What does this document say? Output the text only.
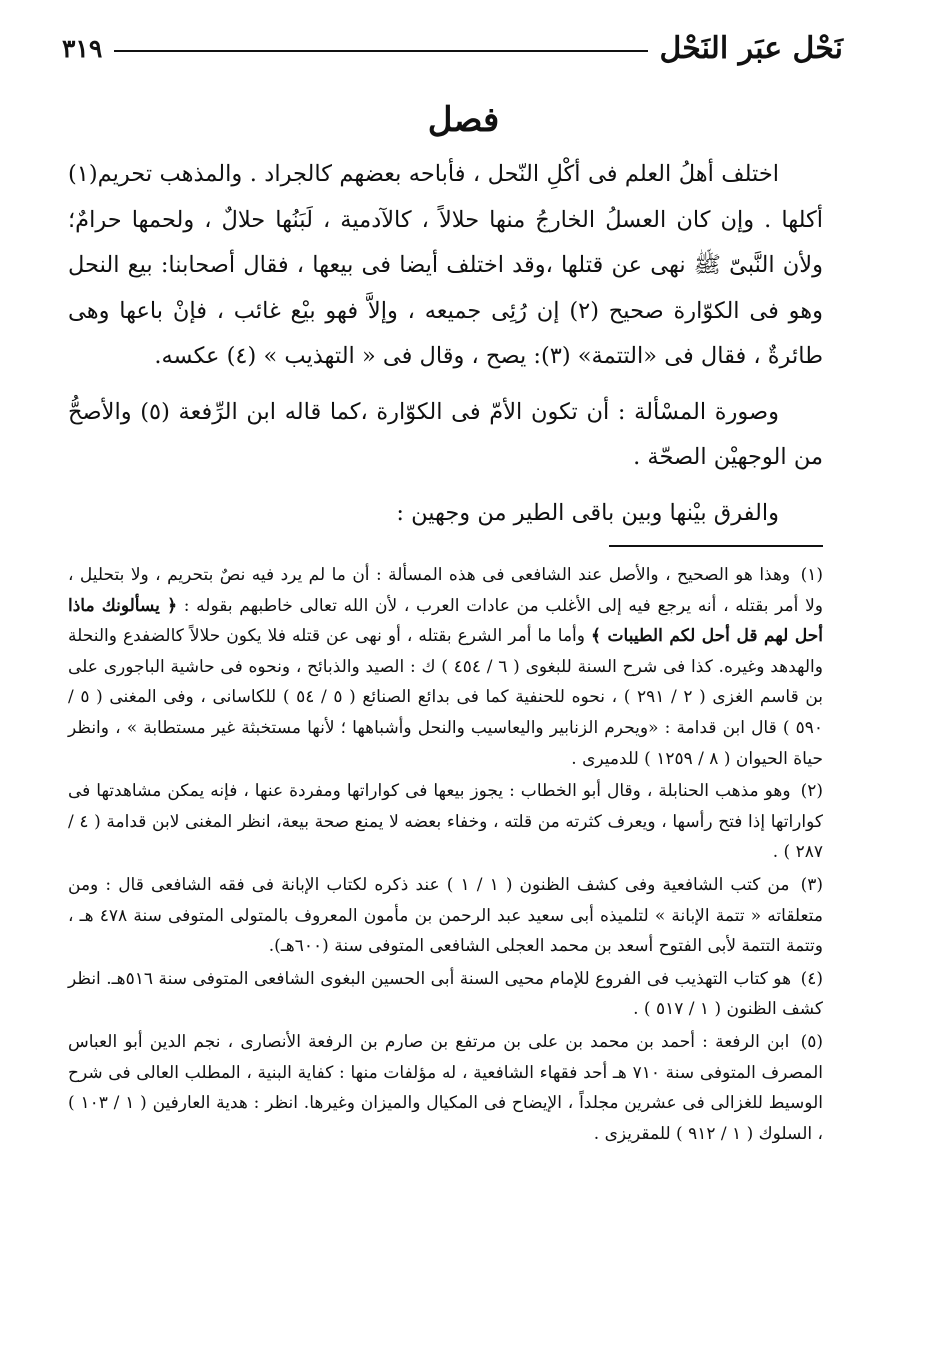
نَحْل عبَر النَحْل
٣١٩
فصل

اختلف أهلُ العلم فى أكْلِ النّحل ، فأباحه بعضهم كالجراد . والمذهب تحريم(١) أكلها . وإن كان العسلُ الخارجُ منها حلالاً ، كالآدمية ، لَبَنُها حلالٌ ، ولحمها حرامٌ؛ ولأن النَّبىّ ﷺ نهى عن قتلها ،وقد اختلف أيضا فى بيعها ، فقال أصحابنا: بيع النحل وهو فى الكوّارة صحيح (٢) إن رُئِى جميعه ، وإلاَّ فهو بيْع غائب ، فإنْ باعها وهى طائرةٌ ، فقال فى «التتمة» (٣): يصح ، وقال فى « التهذيب » (٤) عكسه.

وصورة المسْألة : أن تكون الأمّ فى الكوّارة ،كما قاله ابن الرِّفعة (٥) والأصحُّ من الوجهيْن الصحّة .

والفرق بيْنها وبين باقى الطير من وجهين :

(١) وهذا هو الصحيح ، والأصل عند الشافعى فى هذه المسألة : أن ما لم يرد فيه نصٌ بتحريم ، ولا بتحليل ، ولا أمر بقتله ، أنه يرجع فيه إلى الأغلب من عادات العرب ، لأن الله تعالى خاطبهم بقوله : ﴿ يسألونك ماذا أحل لهم قل أحل لكم الطيبات ﴾ وأما ما أمر الشرع بقتله ، أو نهى عن قتله فلا يكون حلالاً كالضفدع والنحلة والهدهد وغيره. كذا فى شرح السنة للبغوى ( ٦ / ٤٥٤ ) ك : الصيد والذبائح ، ونحوه فى حاشية الباجورى على بن قاسم الغزى ( ٢ / ٢٩١ ) ، نحوه للحنفية كما فى بدائع الصنائع ( ٥ / ٥٤ ) للكاسانى ، وفى المغنى ( ٥ / ٥٩٠ ) قال ابن قدامة : «ويحرم الزنابير واليعاسيب والنحل وأشباهها ؛ لأنها مستخبثة غير مستطابة » ، وانظر حياة الحيوان ( ٨ / ١٢٥٩ ) للدميرى .

(٢) وهو مذهب الحنابلة ، وقال أبو الخطاب : يجوز بيعها فى كواراتها ومفردة عنها ، فإنه يمكن مشاهدتها فى كواراتها إذا فتح رأسها ، ويعرف كثرته من قلته ، وخفاء بعضه لا يمنع صحة بيعة، انظر المغنى لابن قدامة ( ٤ / ٢٨٧ ) .

(٣) من كتب الشافعية وفى كشف الظنون ( ١ / ١ ) عند ذكره لكتاب الإبانة فى فقه الشافعى قال : ومن متعلقاته « تتمة الإبانة » لتلميذه أبى سعيد عبد الرحمن بن مأمون المعروف بالمتولى المتوفى سنة ٤٧٨ هـ ، وتتمة التتمة لأبى الفتوح أسعد بن محمد العجلى الشافعى المتوفى سنة (٦٠٠هـ).

(٤) هو كتاب التهذيب فى الفروع للإمام محيى السنة أبى الحسين البغوى الشافعى المتوفى سنة ٥١٦هـ. انظر كشف الظنون ( ١ / ٥١٧ ) .

(٥) ابن الرفعة : أحمد بن محمد بن على بن مرتفع بن صارم بن الرفعة الأنصارى ، نجم الدين أبو العباس المصرف المتوفى سنة ٧١٠ هـ أحد فقهاء الشافعية ، له مؤلفات منها : كفاية البنية ، المطلب العالى فى شرح الوسيط للغزالى فى عشرين مجلداً ، الإيضاح فى المكيال والميزان وغيرها. انظر : هدية العارفين ( ١ / ١٠٣ ) ، السلوك ( ١ / ٩١٢ ) للمقريزى .
